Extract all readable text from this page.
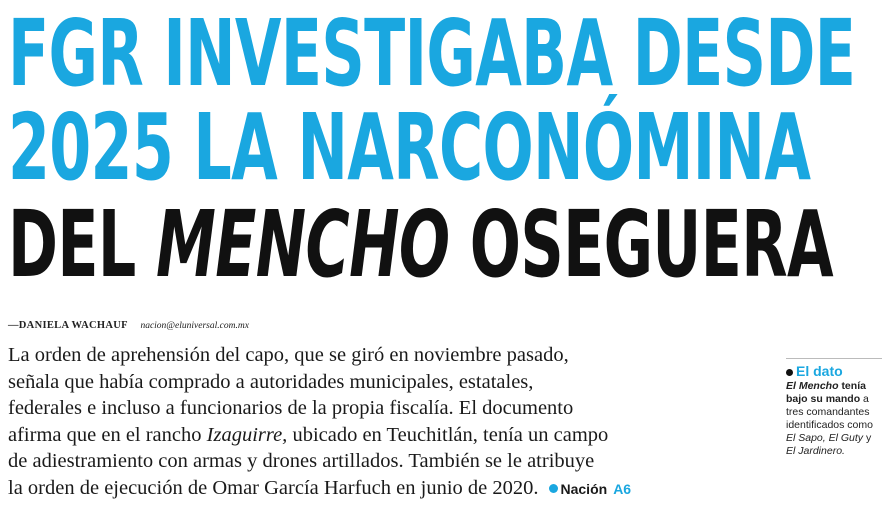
FGR INVESTIGABA DESDE
2025 LA NARCONÓMINA
DEL MENCHO OSEGUERA
—DANIELA WACHAUF nacion@eluniversal.com.mx
La orden de aprehensión del capo, que se giró en noviembre pasado,
señala que había comprado a autoridades municipales, estatales,
federales e incluso a funcionarios de la propia fiscalía. El documento
afirma que en el rancho Izaguirre, ubicado en Teuchitlán, tenía un campo
de adiestramiento con armas y drones artillados. También se le atribuye
la orden de ejecución de Omar García Harfuch en junio de 2020. Nación A6
El dato
El Mencho tenía bajo su mando a tres comandantes identificados como El Sapo, El Guty y El Jardinero.
